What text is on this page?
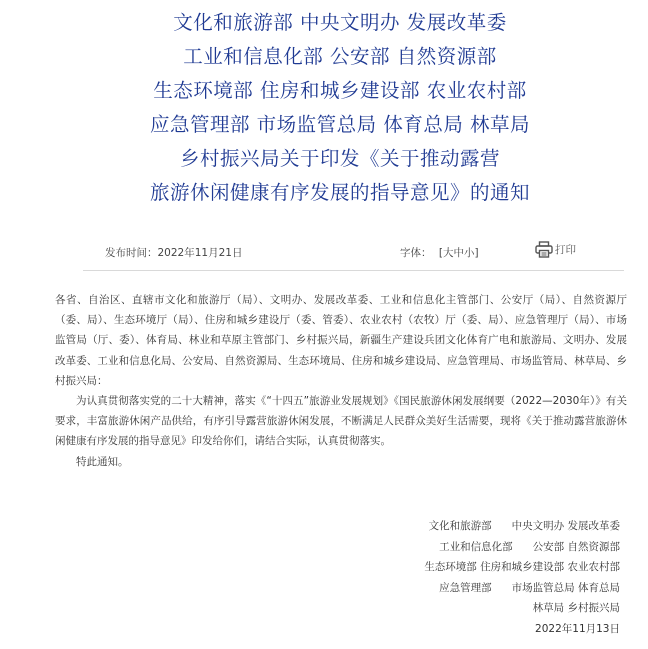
文化和旅游部 中央文明办 发展改革委
工业和信息化部 公安部 自然资源部
生态环境部 住房和城乡建设部 农业农村部
应急管理部 市场监管总局 体育总局 林草局
乡村振兴局关于印发《关于推动露营
旅游休闲健康有序发展的指导意见》的通知
发布时间：2022年11月21日	字体： [大中小]	打印

各省、自治区、直辖市文化和旅游厅（局）、文明办、发展改革委、工业和信息化主管部门、公安厅（局）、自然资源厅（委、局）、生态环境厅（局）、住房和城乡建设厅（委、管委）、农业农村（农牧）厅（委、局）、应急管理厅（局）、市场监管局（厅、委）、体育局、林业和草原主管部门、乡村振兴局，新疆生产建设兵团文化体育广电和旅游局、文明办、发展改革委、工业和信息化局、公安局、自然资源局、生态环境局、住房和城乡建设局、应急管理局、市场监管局、林草局、乡村振兴局：

为认真贯彻落实党的二十大精神，落实《“十四五”旅游业发展规划》《国民旅游休闲发展纲要（2022—2030年）》有关要求，丰富旅游休闲产品供给，有序引导露营旅游休闲发展，不断满足人民群众美好生活需要，现将《关于推动露营旅游休闲健康有序发展的指导意见》印发给你们，请结合实际，认真贯彻落实。

特此通知。

文化和旅游部 中央文明办 发展改革委
工业和信息化部 公安部 自然资源部
生态环境部 住房和城乡建设部 农业农村部
应急管理部 市场监管总局 体育总局
林草局 乡村振兴局
2022年11月13日
